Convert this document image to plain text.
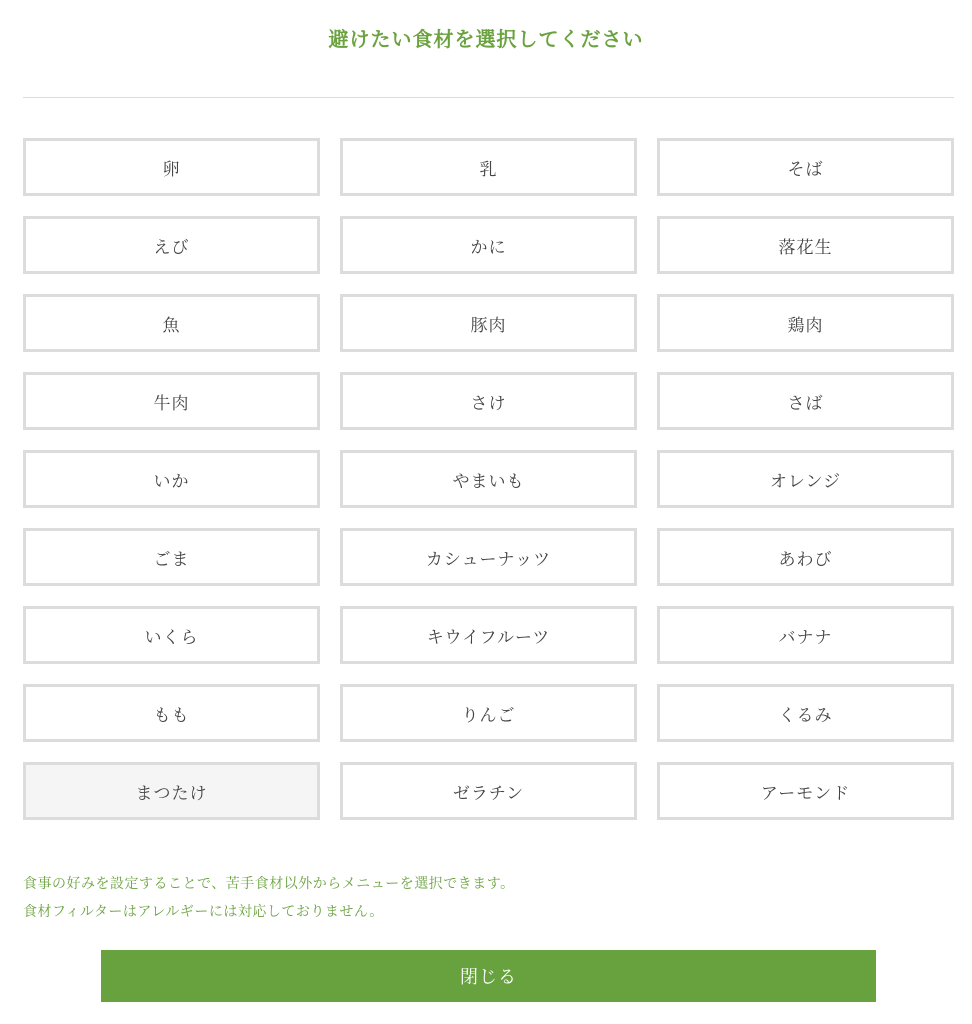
避けたい食材を選択してください
卵	乳	そば
えび	かに	落花生
魚	豚肉	鶏肉
牛肉	さけ	さば
いか	やまいも	オレンジ
ごま	カシューナッツ	あわび
いくら	キウイフルーツ	バナナ
もも	りんご	くるみ
まつたけ	ゼラチン	アーモンド
食事の好みを設定することで、苦手食材以外からメニューを選択できます。
食材フィルターはアレルギーには対応しておりません。
閉じる
